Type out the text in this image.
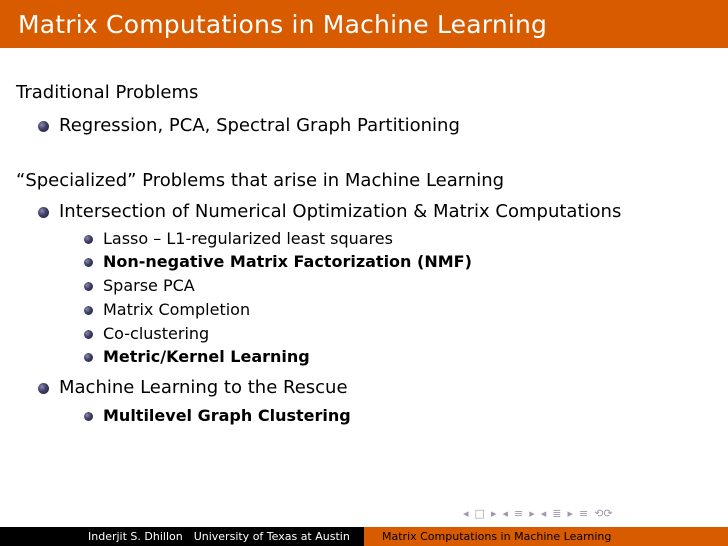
Matrix Computations in Machine Learning
Traditional Problems
Regression, PCA, Spectral Graph Partitioning
“Specialized” Problems that arise in Machine Learning
Intersection of Numerical Optimization & Matrix Computations
Lasso – L1-regularized least squares
Non-negative Matrix Factorization (NMF)
Sparse PCA
Matrix Completion
Co-clustering
Metric/Kernel Learning
Machine Learning to the Rescue
Multilevel Graph Clustering
◂ □ ▸ ◂ ≡ ▸ ◂ ≣ ▸ ≡ ⟲⟳
Inderjit S. Dhillon University of Texas at Austin	Matrix Computations in Machine Learning
